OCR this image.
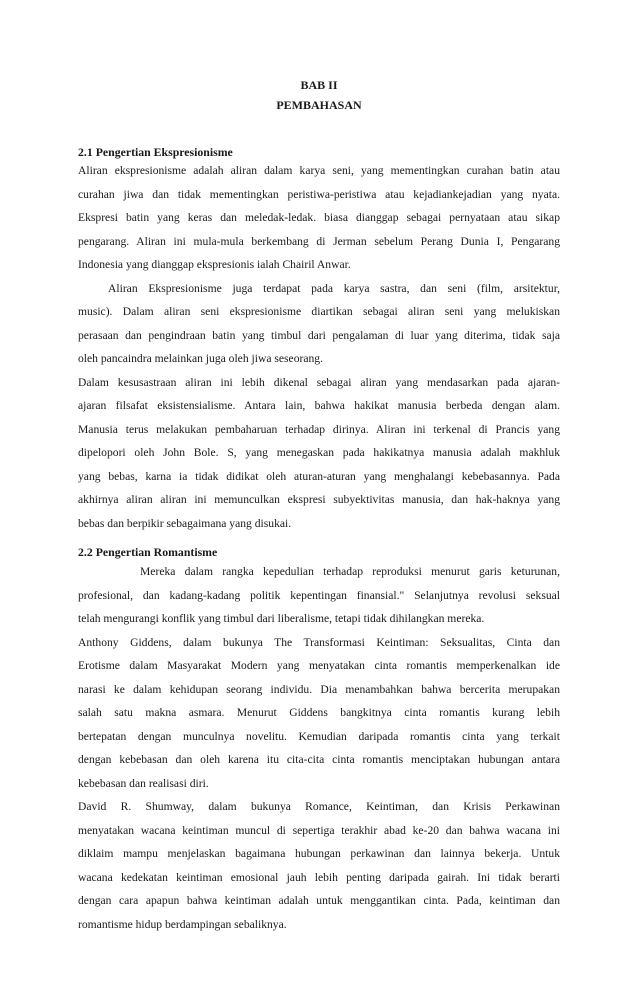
BAB II
PEMBAHASAN
2.1 Pengertian Ekspresionisme
Aliran ekspresionisme adalah aliran dalam karya seni, yang mementingkan curahan batin atau
curahan jiwa dan tidak mementingkan peristiwa-peristiwa atau kejadiankejadian yang nyata.
Ekspresi batin yang keras dan meledak-ledak. biasa dianggap sebagai pernyataan atau sikap
pengarang. Aliran ini mula-mula berkembang di Jerman sebelum Perang Dunia I, Pengarang
Indonesia yang dianggap ekspresionis ialah Chairil Anwar.
Aliran Ekspresionisme juga terdapat pada karya sastra, dan seni (film, arsitektur,
music). Dalam aliran seni ekspresionisme diartikan sebagai aliran seni yang melukiskan
perasaan dan pengindraan batin yang timbul dari pengalaman di luar yang diterima, tidak saja
oleh pancaindra melainkan juga oleh jiwa seseorang.
Dalam kesusastraan aliran ini lebih dikenal sebagai aliran yang mendasarkan pada ajaran-
ajaran filsafat eksistensialisme. Antara lain, bahwa hakikat manusia berbeda dengan alam.
Manusia terus melakukan pembaharuan terhadap dirinya. Aliran ini terkenal di Prancis yang
dipelopori oleh John Bole. S, yang menegaskan pada hakikatnya manusia adalah makhluk
yang bebas, karna ia tidak didikat oleh aturan-aturan yang menghalangi kebebasannya. Pada
akhirnya aliran aliran ini memunculkan ekspresi subyektivitas manusia, dan hak-haknya yang
bebas dan berpikir sebagaimana yang disukai.
2.2 Pengertian Romantisme
Mereka dalam rangka kepedulian terhadap reproduksi menurut garis keturunan,
profesional, dan kadang-kadang politik kepentingan finansial." Selanjutnya revolusi seksual
telah mengurangi konflik yang timbul dari liberalisme, tetapi tidak dihilangkan mereka.
Anthony Giddens, dalam bukunya The Transformasi Keintiman: Seksualitas, Cinta dan
Erotisme dalam Masyarakat Modern yang menyatakan cinta romantis memperkenalkan ide
narasi ke dalam kehidupan seorang individu. Dia menambahkan bahwa bercerita merupakan
salah satu makna asmara. Menurut Giddens bangkitnya cinta romantis kurang lebih
bertepatan dengan munculnya novelitu. Kemudian daripada romantis cinta yang terkait
dengan kebebasan dan oleh karena itu cita-cita cinta romantis menciptakan hubungan antara
kebebasan dan realisasi diri.
David R. Shumway, dalam bukunya Romance, Keintiman, dan Krisis Perkawinan
menyatakan wacana keintiman muncul di sepertiga terakhir abad ke-20 dan bahwa wacana ini
diklaim mampu menjelaskan bagaimana hubungan perkawinan dan lainnya bekerja. Untuk
wacana kedekatan keintiman emosional jauh lebih penting daripada gairah. Ini tidak berarti
dengan cara apapun bahwa keintiman adalah untuk menggantikan cinta. Pada, keintiman dan
romantisme hidup berdampingan sebaliknya.
